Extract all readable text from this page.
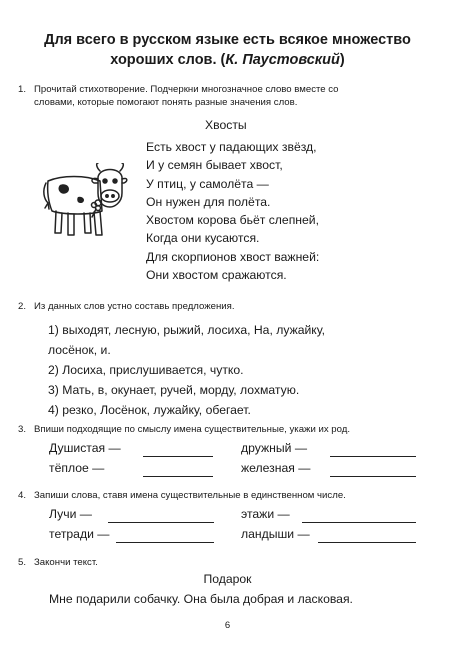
Для всего в русском языке есть всякое множество хороших слов. (К. Паустовский)
1. Прочитай стихотворение. Подчеркни многозначное слово вместе со
словами, которые помогают понять разные значения слов.
Хвосты
Есть хвост у падающих звёзд,
И у семян бывает хвост,
У птиц, у самолёта —
Он нужен для полёта.
Хвостом корова бьёт слепней,
Когда они кусаются.
Для скорпионов хвост важней:
Они хвостом сражаются.
2. Из данных слов устно составь предложения.
1) выходят, лесную, рыжий, лосиха, На, лужайку,
лосёнок, и.
2) Лосиха, прислушивается, чутко.
3) Мать, в, окунает, ручей, морду, лохматую.
4) резко, Лосёнок, лужайку, обегает.
3. Впиши подходящие по смыслу имена существительные, укажи их род.
Душистая —	дружный —
тёплое —	железная —
4. Запиши слова, ставя имена существительные в единственном числе.
Лучи —	этажи —
тетради —	ландыши —
5. Закончи текст.
Подарок
Мне подарили собачку. Она была добрая и ласковая.
6
